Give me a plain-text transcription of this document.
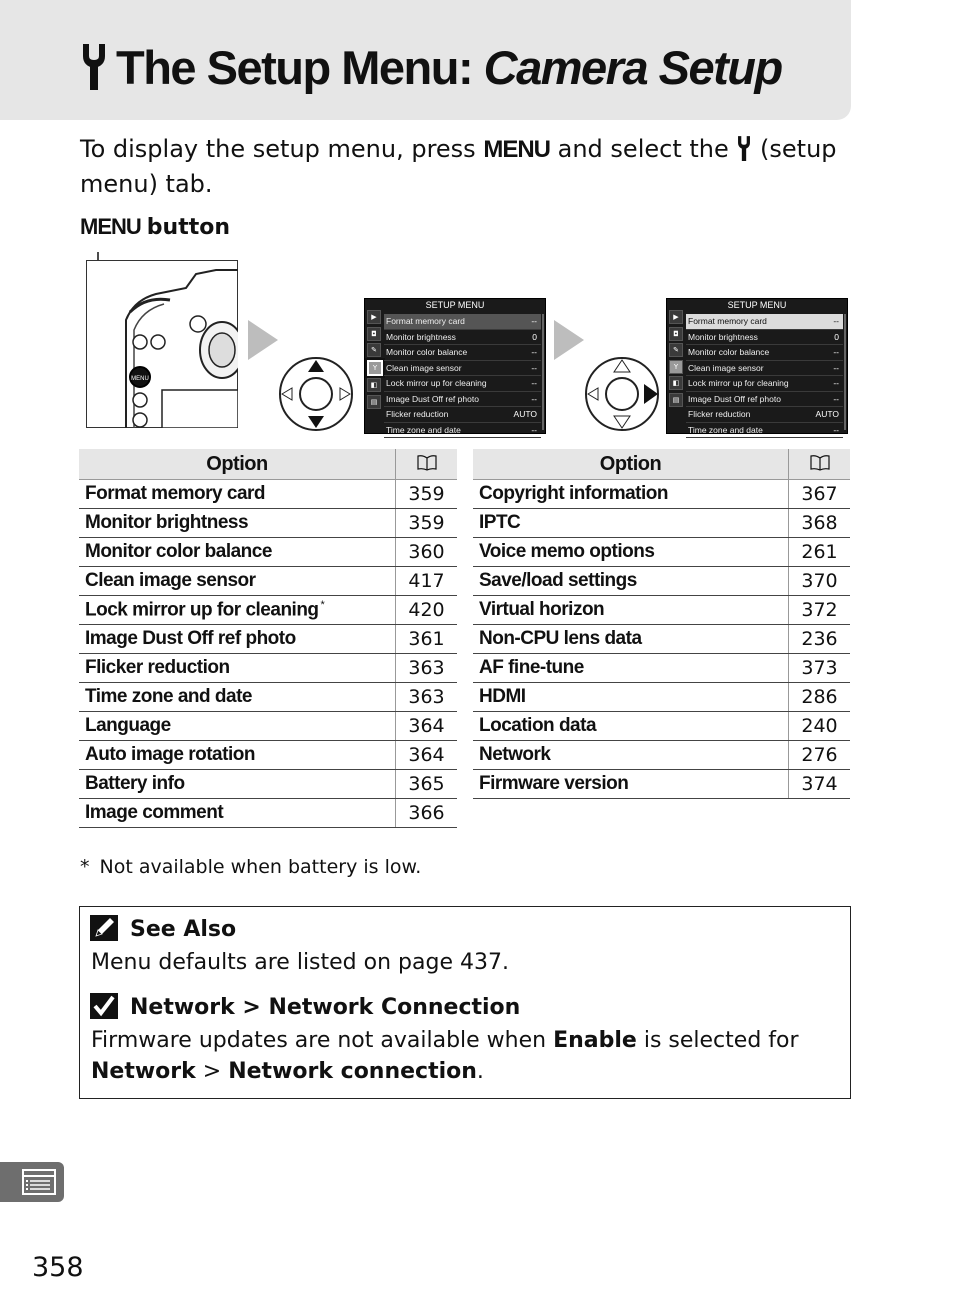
The Setup Menu: Camera Setup

To display the setup menu, press MENU and select the (setup menu) tab.

MENU button
MENU
SETUP MENU
▶
◘
✎
Y
◧
▤
Format memory card	--
Monitor brightness	0
Monitor color balance	--
Clean image sensor	--
Lock mirror up for cleaning	--
Image Dust Off ref photo	--
Flicker reduction	AUTO
Time zone and date	--
SETUP MENU
▶
◘
✎
Y
◧
▤
Format memory card	--
Monitor brightness	0
Monitor color balance	--
Clean image sensor	--
Lock mirror up for cleaning	--
Image Dust Off ref photo	--
Flicker reduction	AUTO
Time zone and date	--
Option	
Format memory card	359
Monitor brightness	359
Monitor color balance	360
Clean image sensor	417
Lock mirror up for cleaning *	420
Image Dust Off ref photo	361
Flicker reduction	363
Time zone and date	363
Language	364
Auto image rotation	364
Battery info	365
Image comment	366
Option	
Copyright information	367
IPTC	368
Voice memo options	261
Save/load settings	370
Virtual horizon	372
Non-CPU lens data	236
AF fine-tune	373
HDMI	286
Location data	240
Network	276
Firmware version	374
* Not available when battery is low.
See Also
Menu defaults are listed on page 437.
Network > Network Connection
Firmware updates are not available when Enable is selected for Network > Network connection.
358
